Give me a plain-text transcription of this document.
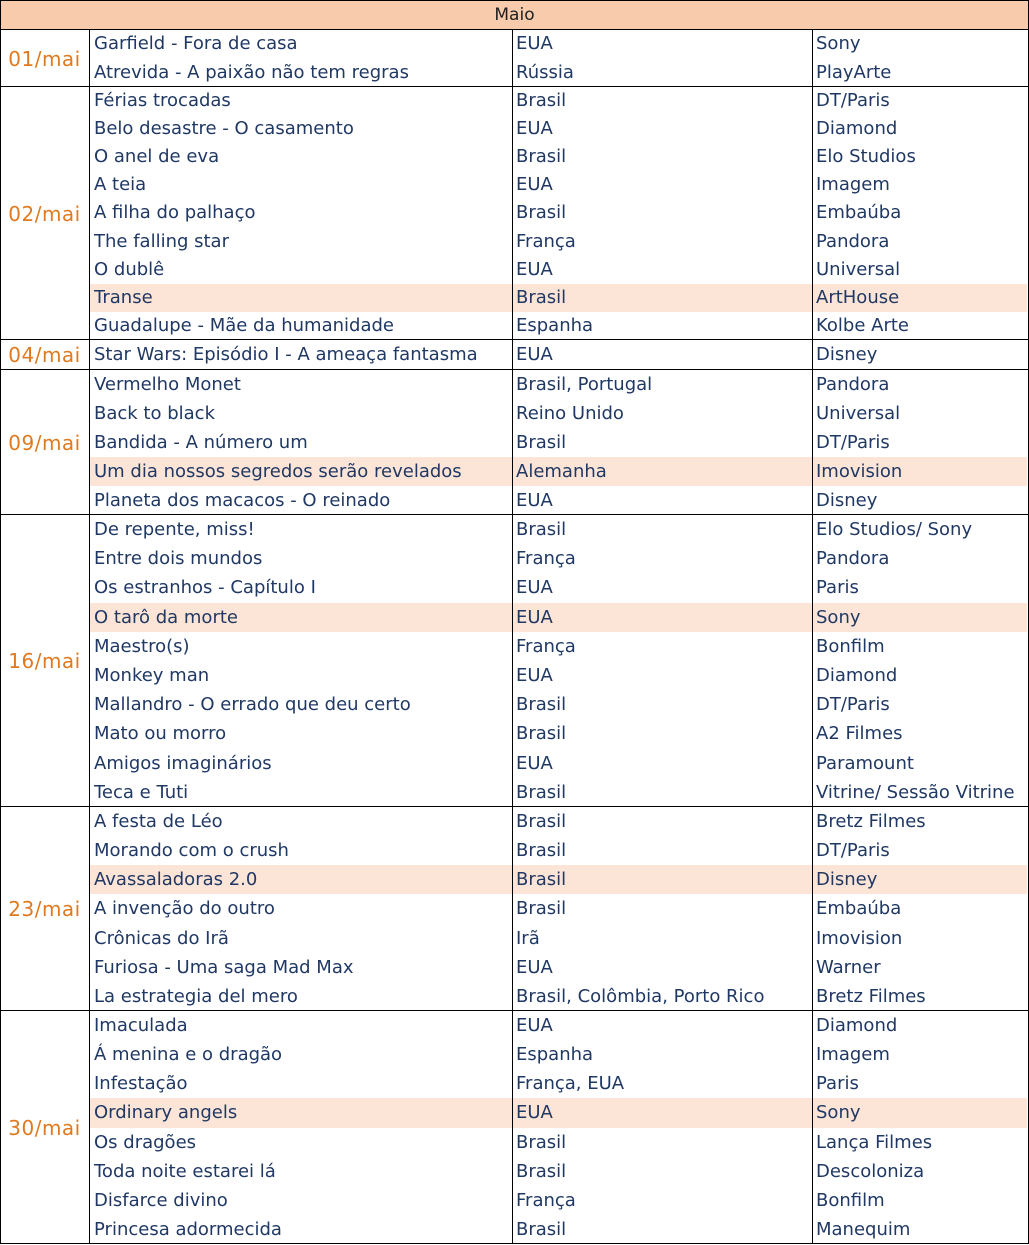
Maio
01/mai
Garfield - Fora de casa	EUA	Sony
Atrevida - A paixão não tem regras	Rússia	PlayArte
02/mai
Férias trocadas	Brasil	DT/Paris
Belo desastre - O casamento	EUA	Diamond
O anel de eva	Brasil	Elo Studios
A teia	EUA	Imagem
A filha do palhaço	Brasil	Embaúba
The falling star	França	Pandora
O dublê	EUA	Universal
Transe	Brasil	ArtHouse
Guadalupe - Mãe da humanidade	Espanha	Kolbe Arte
04/mai Star Wars: Episódio I - A ameaça fantasma	EUA	Disney
09/mai
Vermelho Monet	Brasil, Portugal	Pandora
Back to black	Reino Unido	Universal
Bandida - A número um	Brasil	DT/Paris
Um dia nossos segredos serão revelados	Alemanha	Imovision
Planeta dos macacos - O reinado	EUA	Disney
16/mai
De repente, miss!	Brasil	Elo Studios/ Sony
Entre dois mundos	França	Pandora
Os estranhos - Capítulo I	EUA	Paris
O tarô da morte	EUA	Sony
Maestro(s)	França	Bonfilm
Monkey man	EUA	Diamond
Mallandro - O errado que deu certo	Brasil	DT/Paris
Mato ou morro	Brasil	A2 Filmes
Amigos imaginários	EUA	Paramount
Teca e Tuti	Brasil	Vitrine/ Sessão Vitrine
23/mai
A festa de Léo	Brasil	Bretz Filmes
Morando com o crush	Brasil	DT/Paris
Avassaladoras 2.0	Brasil	Disney
A invenção do outro	Brasil	Embaúba
Crônicas do Irã	Irã	Imovision
Furiosa - Uma saga Mad Max	EUA	Warner
La estrategia del mero	Brasil, Colômbia, Porto Rico	Bretz Filmes
30/mai
Imaculada	EUA	Diamond
Á menina e o dragão	Espanha	Imagem
Infestação	França, EUA	Paris
Ordinary angels	EUA	Sony
Os dragões	Brasil	Lança Filmes
Toda noite estarei lá	Brasil	Descoloniza
Disfarce divino	França	Bonfilm
Princesa adormecida	Brasil	Manequim
